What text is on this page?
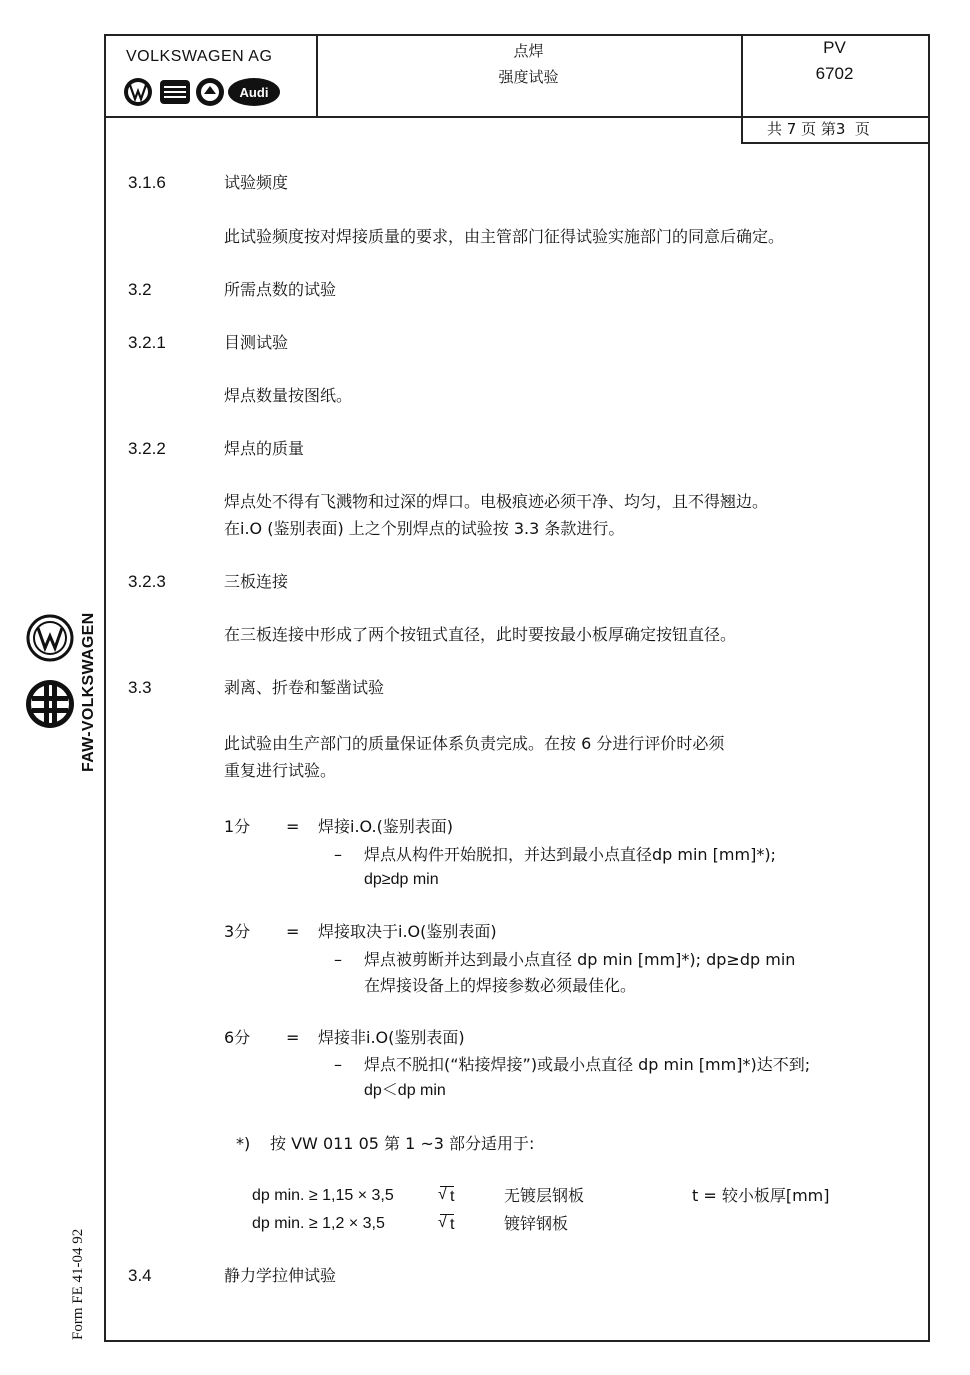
FAW-VOLKSWAGEN
Form FE 41-04 92
VOLKSWAGEN AG
Audi
点焊
强度试验
PV
6702
共 7 页 第3  页
3.1.6	试验频度
此试验频度按对焊接质量的要求，由主管部门征得试验实施部门的同意后确定。
3.2	所需点数的试验
3.2.1	目测试验
焊点数量按图纸。
3.2.2	焊点的质量
焊点处不得有飞溅物和过深的焊口。电极痕迹必须干净、均匀，且不得翘边。
在i.O (鉴别表面) 上之个别焊点的试验按 3.3 条款进行。
3.2.3	三板连接
在三板连接中形成了两个按钮式直径，此时要按最小板厚确定按钮直径。
3.3	剥离、折卷和錾凿试验
此试验由生产部门的质量保证体系负责完成。在按 6 分进行评价时必须
重复进行试验。
1分 = 焊接i.O.(鉴别表面)
– 焊点从构件开始脱扣，并达到最小点直径dp min [mm]*);
dp≥dp min
3分 = 焊接取决于i.O(鉴别表面)
– 焊点被剪断并达到最小点直径 dp min [mm]*); dp≥dp min
在焊接设备上的焊接参数必须最佳化。
6分 = 焊接非i.O(鉴别表面)
– 焊点不脱扣(“粘接焊接”)或最小点直径 dp min [mm]*)达不到;
dp＜dp min
*) 按 VW 011 05 第 1 ~3 部分适用于:
dp min. ≥ 1,15 × 3,5	√ t	无镀层钢板	t = 较小板厚[mm]
dp min. ≥ 1,2 × 3,5	√ t	镀锌钢板
3.4	静力学拉伸试验
